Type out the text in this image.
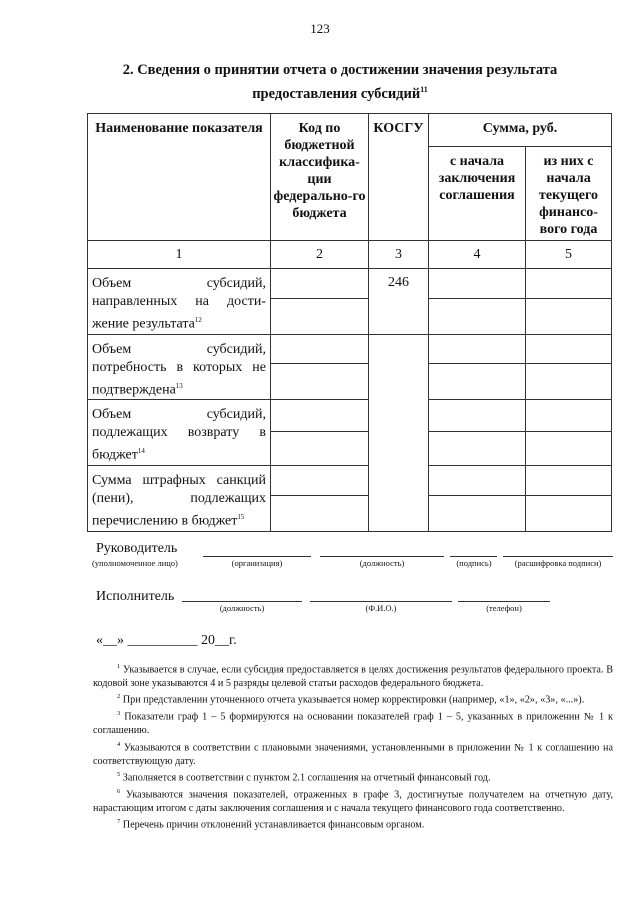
123
2. Сведения о принятии отчета о достижении значения результата
предоставления субсидий$^{11}$
Наименование показателя	Код по бюджетной классифика-ции федерально-го бюджета	КОСГУ	Сумма, руб.	
			с начала заключения соглашения	из них с начала текущего финансо-вого года
1	2	3	4	5
Объем субсидий, направленных на дости-жение результата$^{12}$		246		

Объем субсидий, потребность в которых не подтверждена$^{13}$				

Объем субсидий, подлежащих возврату в бюджет$^{14}$			

Сумма штрафных санкций (пени), подлежащих перечислению в бюджет$^{15}$			

Руководитель
(уполномоченное лицо)	(организация)	(должность)	(подпись)	(расшифровка подписи)
Исполнитель
(должность)	(Ф.И.О.)	(телефон)
«__» __________ 20__г.
$^1$ Указывается в случае, если субсидия предоставляется в целях достижения результатов федерального проекта. В кодовой зоне указываются 4 и 5 разряды целевой статьи расходов федерального бюджета.
$^2$ При представлении уточненного отчета указывается номер корректировки (например, «1», «2», «3», «...»).
$^3$ Показатели граф 1 – 5 формируются на основании показателей граф 1 – 5, указанных в приложении № 1 к соглашению.
$^4$ Указываются в соответствии с плановыми значениями, установленными в приложении № 1 к соглашению на соответствующую дату.
$^5$ Заполняется в соответствии с пунктом 2.1 соглашения на отчетный финансовый год.
$^6$ Указываются значения показателей, отраженных в графе 3, достигнутые получателем на отчетную дату, нарастающим итогом с даты заключения соглашения и с начала текущего финансового года соответственно.
$^7$ Перечень причин отклонений устанавливается финансовым органом.
